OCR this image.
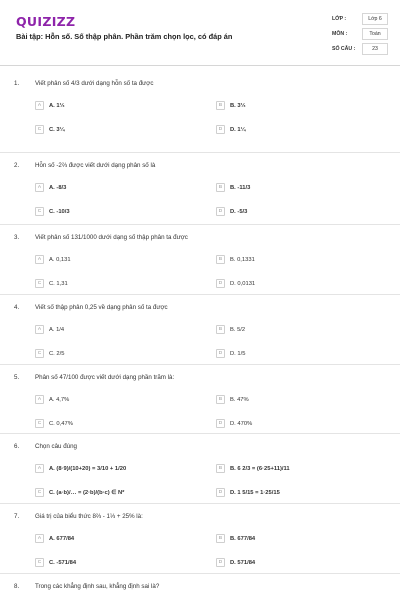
QUIZIZZ
Bài tập: Hỗn số. Số thập phân. Phần trăm chọn lọc, có đáp án
LỚP :	Lớp 6
MÔN :	Toán
SỐ CÂU :	23
1.	Viết phân số 4/3 dưới dạng hỗn số ta được
A	A. 1⅓	B	B. 3⅓
C	C. 3¼	D	D. 1¼
2.	Hỗn số -2⅔ được viết dưới dạng phân số là
A	A. -8/3	B	B. -11/3
C	C. -10/3	D	D. -5/3
3.	Viết phân số 131/1000 dưới dạng số thập phân ta được
A	A. 0,131	B	B. 0,1331
C	C. 1,31	D	D. 0,0131
4.	Viết số thập phân 0,25 về dạng phân số ta được
A	A. 1/4	B	B. 5/2
C	C. 2/5	D	D. 1/5
5.	Phân số 47/100 được viết dưới dạng phần trăm là:
A	A. 4,7%	B	B. 47%
C	C. 0,47%	D	D. 470%
6.	Chọn câu đúng
A	A. (8·9)/(10+20) = 3/10 + 1/20	B	B. 6 2/3 = (6·25+11)/11
C	C. (a·b)/… = (2·b)/(b·c) ∈ N*	D	D. 1 5/15 = 1·25/15
7.	Giá trị của biểu thức 8⅔ - 1⅓ + 25% là:
A	A. 677/84	B	B. 677/84
C	C. -571/84	D	D. 571/84
8.	Trong các khẳng định sau, khẳng định sai là?
